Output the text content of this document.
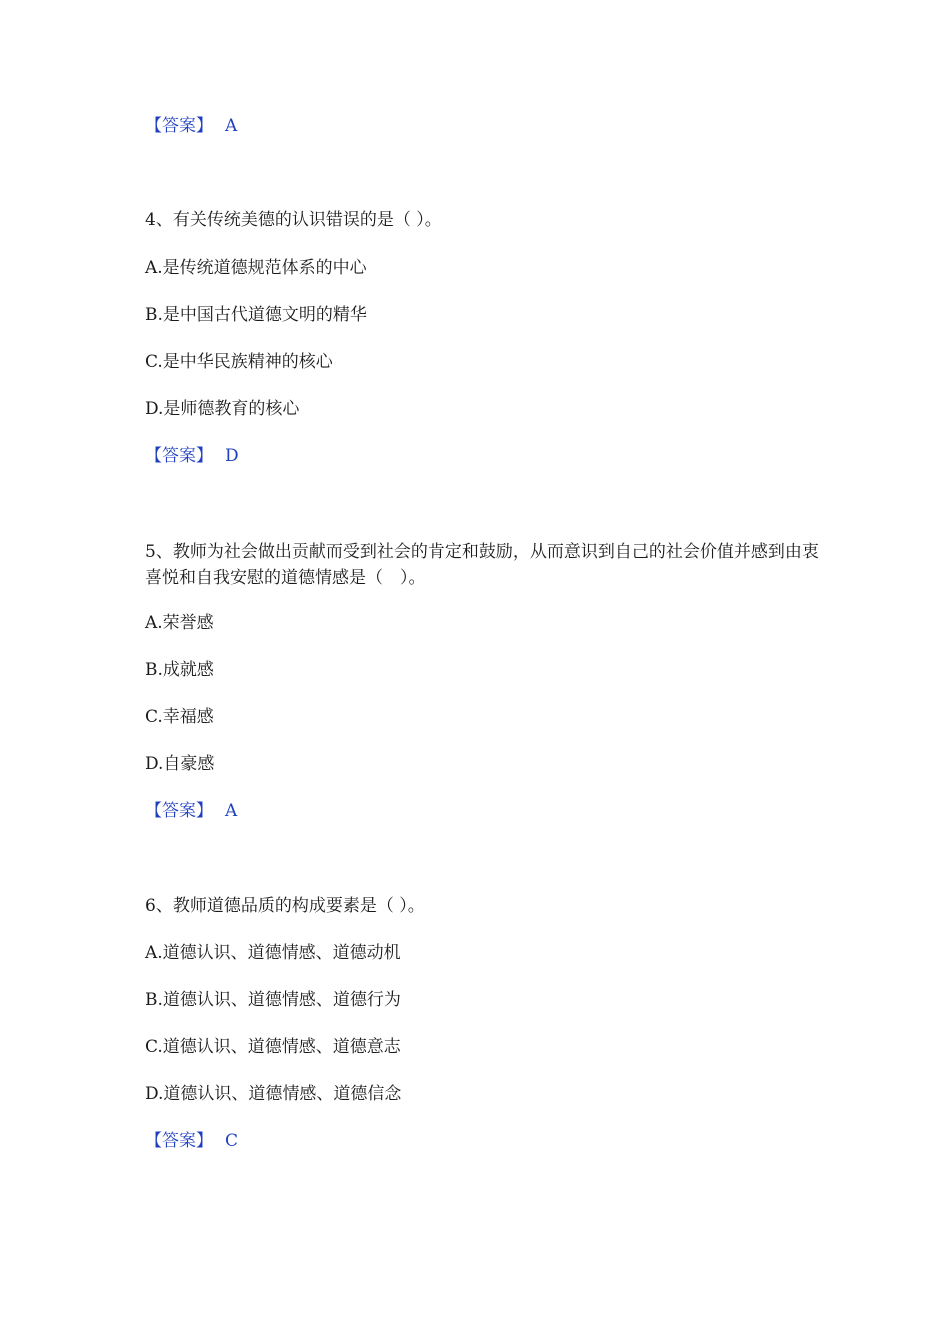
【答案】 A
4、有关传统美德的认识错误的是（ ）。
A.是传统道德规范体系的中心
B.是中国古代道德文明的精华
C.是中华民族精神的核心
D.是师德教育的核心
【答案】 D
5、教师为社会做出贡献而受到社会的肯定和鼓励，从而意识到自己的社会价值并感到由衷喜悦和自我安慰的道德情感是（　）。
A.荣誉感
B.成就感
C.幸福感
D.自豪感
【答案】 A
6、教师道德品质的构成要素是（ ）。
A.道德认识、道德情感、道德动机
B.道德认识、道德情感、道德行为
C.道德认识、道德情感、道德意志
D.道德认识、道德情感、道德信念
【答案】 C
